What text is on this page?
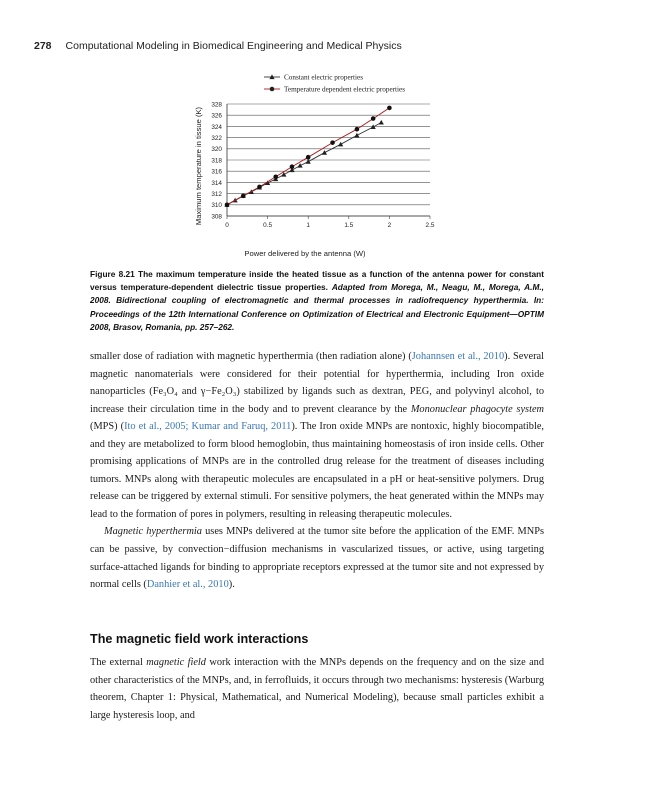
278 Computational Modeling in Biomedical Engineering and Medical Physics
Constant electric properties
Temperature dependent electric properties
308
310
312
314
316
318
320
322
324
326
328
0	0.5	1	1.5	2	2.5
Power delivered by the antenna (W)
Maximum temperature in tissue (K)
Figure 8.21 The maximum temperature inside the heated tissue as a function of the antenna power for constant versus temperature-dependent dielectric tissue properties. Adapted from Morega, M., Neagu, M., Morega, A.M., 2008. Bidirectional coupling of electromagnetic and thermal processes in radiofrequency hyperthermia. In: Proceedings of the 12th International Conference on Optimization of Electrical and Electronic Equipment—OPTIM 2008, Brasov, Romania, pp. 257–262.

smaller dose of radiation with magnetic hyperthermia (then radiation alone) (Johannsen et al., 2010). Several magnetic nanomaterials were considered for their potential for hyperthermia, including Iron oxide nanoparticles (Fe₃O₄ and γ−Fe₂O₃) stabilized by ligands such as dextran, PEG, and polyvinyl alcohol, to increase their circulation time in the body and to prevent clearance by the Mononuclear phagocyte system (MPS) (Ito et al., 2005; Kumar and Faruq, 2011). The Iron oxide MNPs are nontoxic, highly biocompatible, and they are metabolized to form blood hemoglobin, thus maintaining homeostasis of iron inside cells. Other promising applications of MNPs are in the controlled drug release for the treatment of diseases including tumors. MNPs along with therapeutic molecules are encapsulated in a pH or heat-sensitive polymers. Drug release can be triggered by external stimuli. For sensitive polymers, the heat generated within the MNPs may lead to the formation of pores in polymers, resulting in releasing therapeutic molecules.

Magnetic hyperthermia uses MNPs delivered at the tumor site before the application of the EMF. MNPs can be passive, by convection−diffusion mechanisms in vascularized tissues, or active, using targeting surface-attached ligands for binding to appropriate receptors expressed at the tumor site and not expressed by normal cells (Danhier et al., 2010).

The magnetic field work interactions

The external magnetic field work interaction with the MNPs depends on the frequency and on the size and other characteristics of the MNPs, and, in ferrofluids, it occurs through two mechanisms: hysteresis (Warburg theorem, Chapter 1: Physical, Mathematical, and Numerical Modeling), because small particles exhibit a large hysteresis loop, and
